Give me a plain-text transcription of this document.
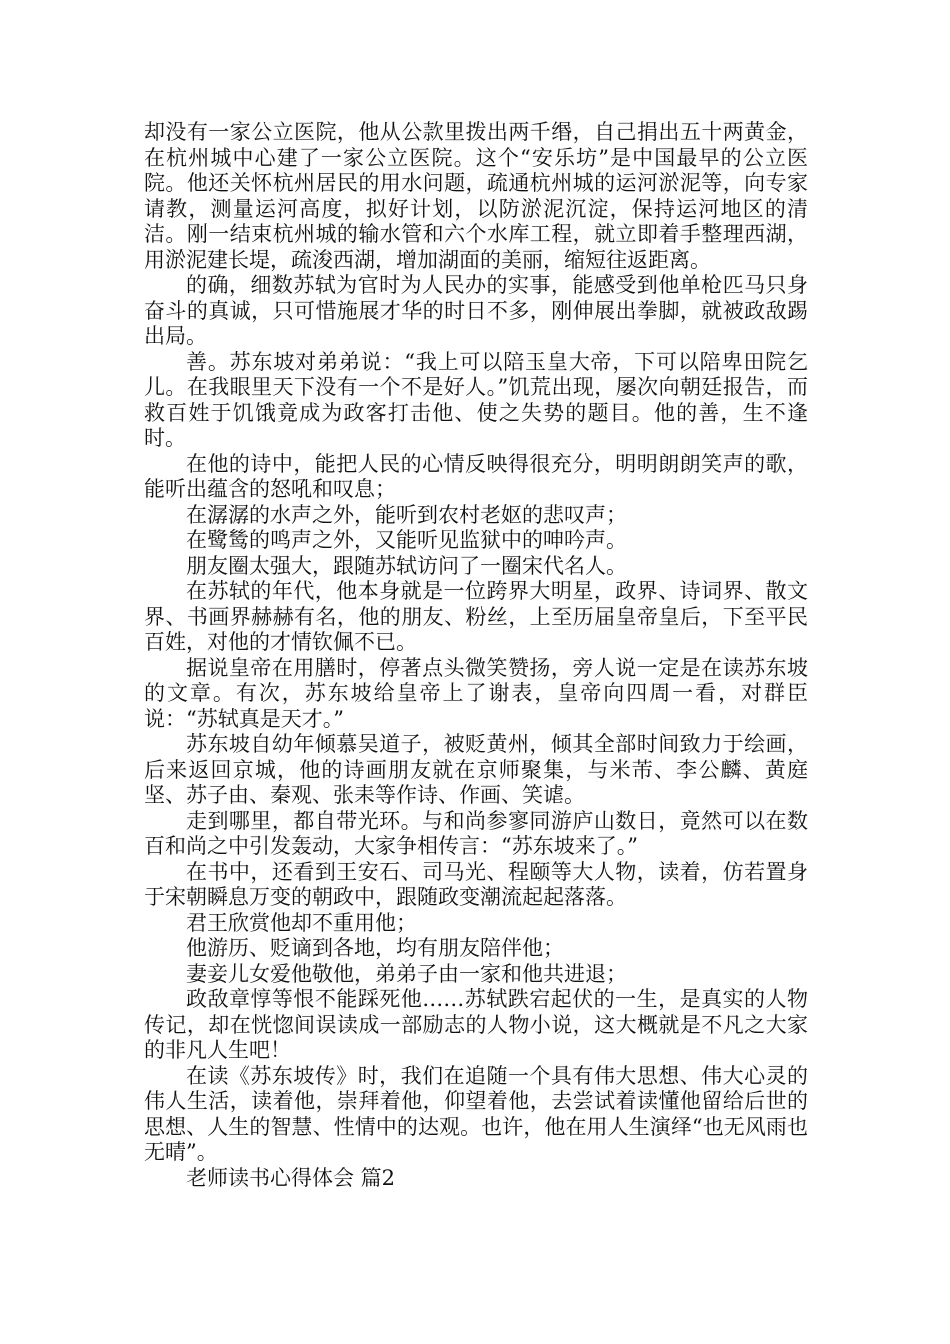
却没有一家公立医院，他从公款里拨出两千缗，自己捐出五十两黄金，在杭州城中心建了一家公立医院。这个“安乐坊”是中国最早的公立医院。他还关怀杭州居民的用水问题，疏通杭州城的运河淤泥等，向专家请教，测量运河高度，拟好计划，以防淤泥沉淀，保持运河地区的清洁。刚一结束杭州城的输水管和六个水库工程，就立即着手整理西湖，用淤泥建长堤，疏浚西湖，增加湖面的美丽，缩短往返距离。

的确，细数苏轼为官时为人民办的实事，能感受到他单枪匹马只身奋斗的真诚，只可惜施展才华的时日不多，刚伸展出拳脚，就被政敌踢出局。

善。苏东坡对弟弟说：“我上可以陪玉皇大帝，下可以陪卑田院乞儿。在我眼里天下没有一个不是好人。”饥荒出现，屡次向朝廷报告，而救百姓于饥饿竟成为政客打击他、使之失势的题目。他的善，生不逢时。

在他的诗中，能把人民的心情反映得很充分，明明朗朗笑声的歌，能听出蕴含的怒吼和叹息；

在潺潺的水声之外，能听到农村老妪的悲叹声；

在鹭鸶的鸣声之外，又能听见监狱中的呻吟声。

朋友圈太强大，跟随苏轼访问了一圈宋代名人。

在苏轼的年代，他本身就是一位跨界大明星，政界、诗词界、散文界、书画界赫赫有名，他的朋友、粉丝，上至历届皇帝皇后，下至平民百姓，对他的才情钦佩不已。

据说皇帝在用膳时，停著点头微笑赞扬，旁人说一定是在读苏东坡的文章。有次，苏东坡给皇帝上了谢表，皇帝向四周一看，对群臣说：“苏轼真是天才。”

苏东坡自幼年倾慕吴道子，被贬黄州，倾其全部时间致力于绘画，后来返回京城，他的诗画朋友就在京师聚集，与米芾、李公麟、黄庭坚、苏子由、秦观、张耒等作诗、作画、笑谑。

走到哪里，都自带光环。与和尚参寥同游庐山数日，竟然可以在数百和尚之中引发轰动，大家争相传言：“苏东坡来了。”

在书中，还看到王安石、司马光、程颐等大人物，读着，仿若置身于宋朝瞬息万变的朝政中，跟随政变潮流起起落落。

君王欣赏他却不重用他；

他游历、贬谪到各地，均有朋友陪伴他；

妻妾儿女爱他敬他，弟弟子由一家和他共进退；

政敌章惇等恨不能踩死他……苏轼跌宕起伏的一生，是真实的人物传记，却在恍惚间误读成一部励志的人物小说，这大概就是不凡之大家的非凡人生吧！

在读《苏东坡传》时，我们在追随一个具有伟大思想、伟大心灵的伟人生活，读着他，崇拜着他，仰望着他，去尝试着读懂他留给后世的思想、人生的智慧、性情中的达观。也许，他在用人生演绎“也无风雨也无晴”。

老师读书心得体会 篇2
